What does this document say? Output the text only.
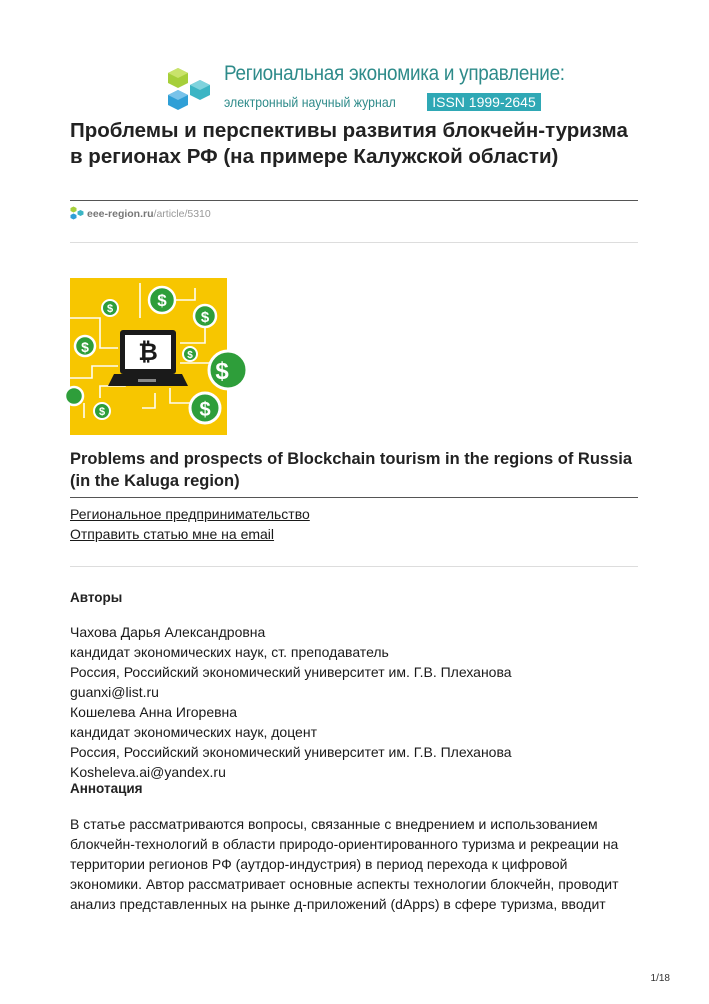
Региональная экономика и управление:
электронный научный журнал	ISSN 1999-2645
Проблемы и перспективы развития блокчейн-туризма в регионах РФ (на примере Калужской области)
eee-region.ru/article/5310
$
$	$
$
$
$
$
$
₿
Problems and prospects of Blockchain tourism in the regions of Russia (in the Kaluga region)
Региональное предпринимательство
Отправить статью мне на email
Авторы
Чахова Дарья Александровна
кандидат экономических наук, ст. преподаватель
Россия, Российский экономический университет им. Г.В. Плеханова
guanxi@list.ru
Кошелева Анна Игоревна
кандидат экономических наук, доцент
Россия, Российский экономический университет им. Г.В. Плеханова
Kosheleva.ai@yandex.ru
Аннотация

В статье рассматриваются вопросы, связанные с внедрением и использованием
блокчейн-технологий в области природо-ориентированного туризма и рекреации на
территории регионов РФ (аутдор-индустрия) в период перехода к цифровой
экономики. Автор рассматривает основные аспекты технологии блокчейн, проводит
анализ представленных на рынке д-приложений (dApps) в сфере туризма, вводит

1/18
